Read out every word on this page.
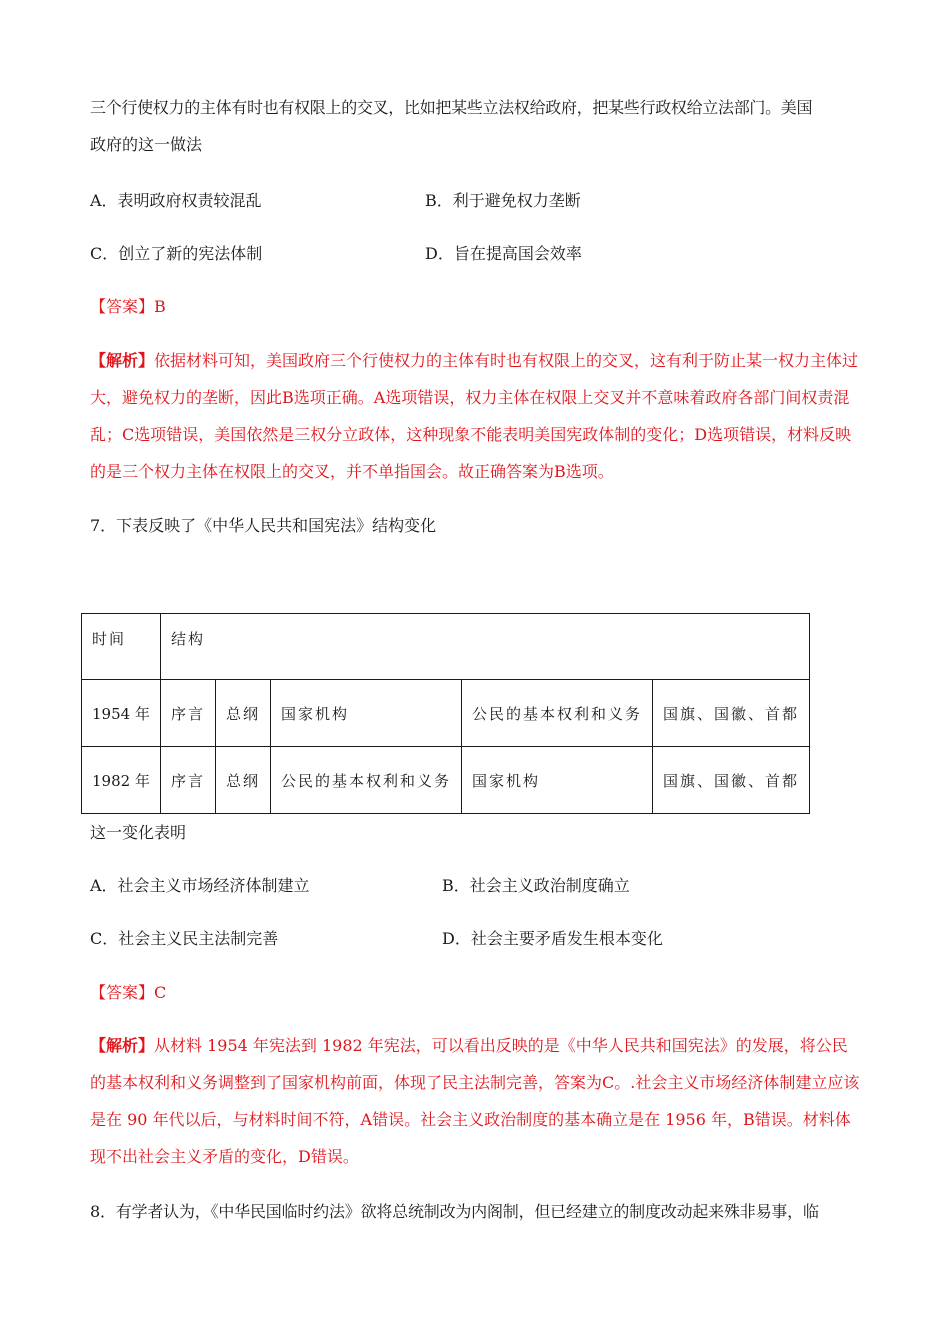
三个行使权力的主体有时也有权限上的交叉，比如把某些立法权给政府，把某些行政权给立法部门。美国
政府的这一做法
A．表明政府权责较混乱	B．利于避免权力垄断
C．创立了新的宪法体制	D．旨在提高国会效率
【答案】B

【解析】依据材料可知，美国政府三个行使权力的主体有时也有权限上的交叉，这有利于防止某一权力主体过大，避免权力的垄断，因此B选项正确。A选项错误，权力主体在权限上交叉并不意味着政府各部门间权责混乱；C选项错误，美国依然是三权分立政体，这种现象不能表明美国宪政体制的变化；D选项错误，材料反映的是三个权力主体在权限上的交叉，并不单指国会。故正确答案为B选项。

7．下表反映了《中华人民共和国宪法》结构变化
时间	结构				
1954 年	序言	总纲	国家机构	公民的基本权利和义务	国旗、国徽、首都
1982 年	序言	总纲	公民的基本权利和义务	国家机构	国旗、国徽、首都
这一变化表明
A．社会主义市场经济体制建立	B．社会主义政治制度确立
C．社会主义民主法制完善	D．社会主要矛盾发生根本变化
【答案】C

【解析】从材料 1954 年宪法到 1982 年宪法，可以看出反映的是《中华人民共和国宪法》的发展，将公民的基本权利和义务调整到了国家机构前面，体现了民主法制完善，答案为C。.社会主义市场经济体制建立应该是在 90 年代以后，与材料时间不符，A错误。社会主义政治制度的基本确立是在 1956 年，B错误。材料体现不出社会主义矛盾的变化，D错误。

8．有学者认为，《中华民国临时约法》欲将总统制改为内阁制，但已经建立的制度改动起来殊非易事，临
